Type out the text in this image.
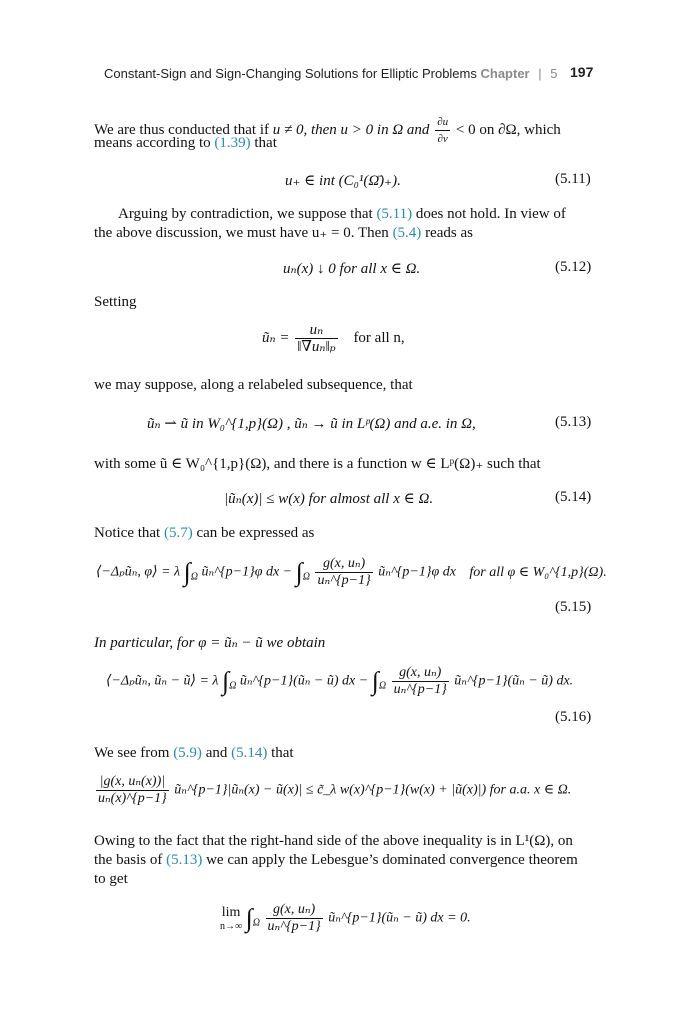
Constant-Sign and Sign-Changing Solutions for Elliptic Problems Chapter | 5 197
We are thus conducted that if u ≠ 0, then u > 0 in Ω and $\frac{\partial u}{\partial\nu} < 0$ on ∂Ω, which
means according to (1.39) that
u₊ ∈ int (C₀¹(Ω̄)₊).	(5.11)
Arguing by contradiction, we suppose that (5.11) does not hold. In view of
the above discussion, we must have u₊ = 0. Then (5.4) reads as
uₙ(x) ↓ 0 for all x ∈ Ω.	(5.12)
Setting
ũₙ = $\frac{\text{uₙ}}{\text{‖∇uₙ‖ₚ}}$ for all n,
we may suppose, along a relabeled subsequence, that
ũₙ ⇀ ũ in W₀^{1,p}(Ω) , ũₙ → ũ in Lᵖ(Ω) and a.e. in Ω,	(5.13)
with some ũ ∈ W₀^{1,p}(Ω), and there is a function w ∈ Lᵖ(Ω)₊ such that
|ũₙ(x)| ≤ w(x) for almost all x ∈ Ω.	(5.14)
Notice that (5.7) can be expressed as
⟨−Δₚũₙ, φ⟩ = λ $\int_\Omega$ ũₙ^{p−1}φ dx − $\int_\Omega \frac{\text{g(x, uₙ)}}{\text{uₙ\textasciicircum{}\{p−1\}}}$ ũₙ^{p−1}φ dx for all φ ∈ W₀^{1,p}(Ω).
(5.15)
In particular, for φ = ũₙ − ũ we obtain
⟨−Δₚũₙ, ũₙ − ũ⟩ = λ $\int_\Omega$ ũₙ^{p−1}(ũₙ − ũ) dx − $\int_\Omega \frac{\text{g(x, uₙ)}}{\text{uₙ\textasciicircum{}\{p−1\}}}$ ũₙ^{p−1}(ũₙ − ũ) dx.
(5.16)
We see from (5.9) and (5.14) that
$\frac{\text{|g(x, uₙ(x))|}}{\text{uₙ(x)\textasciicircum{}\{p−1\}}}$ ũₙ^{p−1}|ũₙ(x) − ũ(x)| ≤ c̃_λ w(x)^{p−1}(w(x) + |ũ(x)|) for a.a. x ∈ Ω.
Owing to the fact that the right-hand side of the above inequality is in L¹(Ω), on
the basis of (5.13) we can apply the Lebesgue’s dominated convergence theorem
to get
lim
n→∞ $\int_\Omega \frac{\text{g(x, uₙ)}}{\text{uₙ\textasciicircum{}\{p−1\}}}$ ũₙ^{p−1}(ũₙ − ũ) dx = 0.
